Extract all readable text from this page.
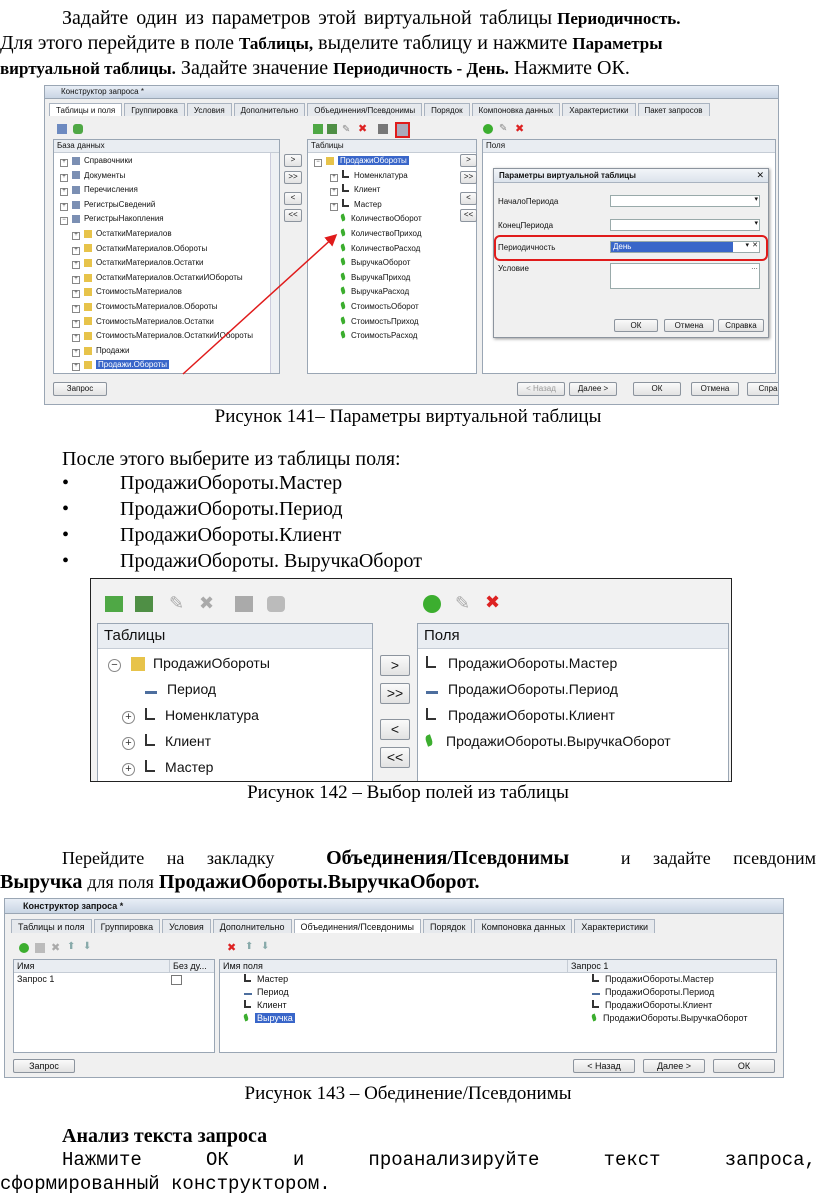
Задайте один из параметров этой виртуальной таблицы Периодичность.
Для этого перейдите в поле Таблицы, выделите таблицу и нажмите Параметры
виртуальной таблицы. Задайте значение Периодичность - День. Нажмите ОК.
Конструктор запроса *
Таблицы и поля	Группировка	Условия	Дополнительно	Объединения/Псевдонимы	Порядок	Компоновка данных	Характеристики	Пакет запросов
✎ ✖	✎ ✖
База данных
+ Справочники
+ Документы
+ Перечисления
+ РегистрыСведений
− РегистрыНакопления
+ ОстаткиМатериалов
+ ОстаткиМатериалов.Обороты
+ ОстаткиМатериалов.Остатки
+ ОстаткиМатериалов.ОстаткиИОбороты
+ СтоимостьМатериалов
+ СтоимостьМатериалов.Обороты
+ СтоимостьМатериалов.Остатки
+ СтоимостьМатериалов.ОстаткиИОбороты
+ Продажи
+	Продажи.Обороты
>
>>
<
<<
Таблицы
−	ПродажиОбороты
+ Номенклатура
+ Клиент
+ Мастер
КоличествоОборот
КоличествоПриход
КоличествоРасход
ВыручкаОборот
ВыручкаПриход
ВыручкаРасход
СтоимостьОборот
СтоимостьПриход
СтоимостьРасход
>
>>
<
<<
Поля
Параметры виртуальной таблицы	✕
НачалоПериода	▾
КонецПериода	▾
Периодичность	День	▾ ✕
Условие	…
ОК	Отмена	Справка
Запрос	< Назад	Далее >	ОК	Отмена	Спра
Рисунок 141– Параметры виртуальной таблицы
После этого выберите из таблицы поля:
•	ПродажиОбороты.Мастер
•	ПродажиОбороты.Период
•	ПродажиОбороты.Клиент
•	ПродажиОбороты. ВыручкаОборот
✎ ✖	✎ ✖
Таблицы
−	ПродажиОбороты
Период
+ Номенклатура
+ Клиент
+ Мастер
>
>>
<
<<
Поля
ПродажиОбороты.Мастер
ПродажиОбороты.Период
ПродажиОбороты.Клиент
ПродажиОбороты.ВыручкаОборот
Рисунок 142 – Выбор полей из таблицы
Перейдите на закладку	Объединения/Псевдонимы	и задайте псевдоним
Выручка для поля ПродажиОбороты.ВыручкаОборот.
Конструктор запроса *
Таблицы и поля	Группировка	Условия	Дополнительно	Объединения/Псевдонимы	Порядок	Компоновка данных	Характеристики
✖ ⬆ ⬇	✖ ⬆ ⬇
Имя	Без ду...
Запрос 1
Имя поля	Запрос 1
Мастер	ПродажиОбороты.Мастер
Период	ПродажиОбороты.Период
Клиент	ПродажиОбороты.Клиент
Выручка	ПродажиОбороты.ВыручкаОборот
Запрос	< Назад	Далее >	ОК
Рисунок 143 – Обединение/Псевдонимы
Анализ текста запроса
Нажмите	ОК	и	проанализируйте	текст	запроса,
сформированный конструктором.
